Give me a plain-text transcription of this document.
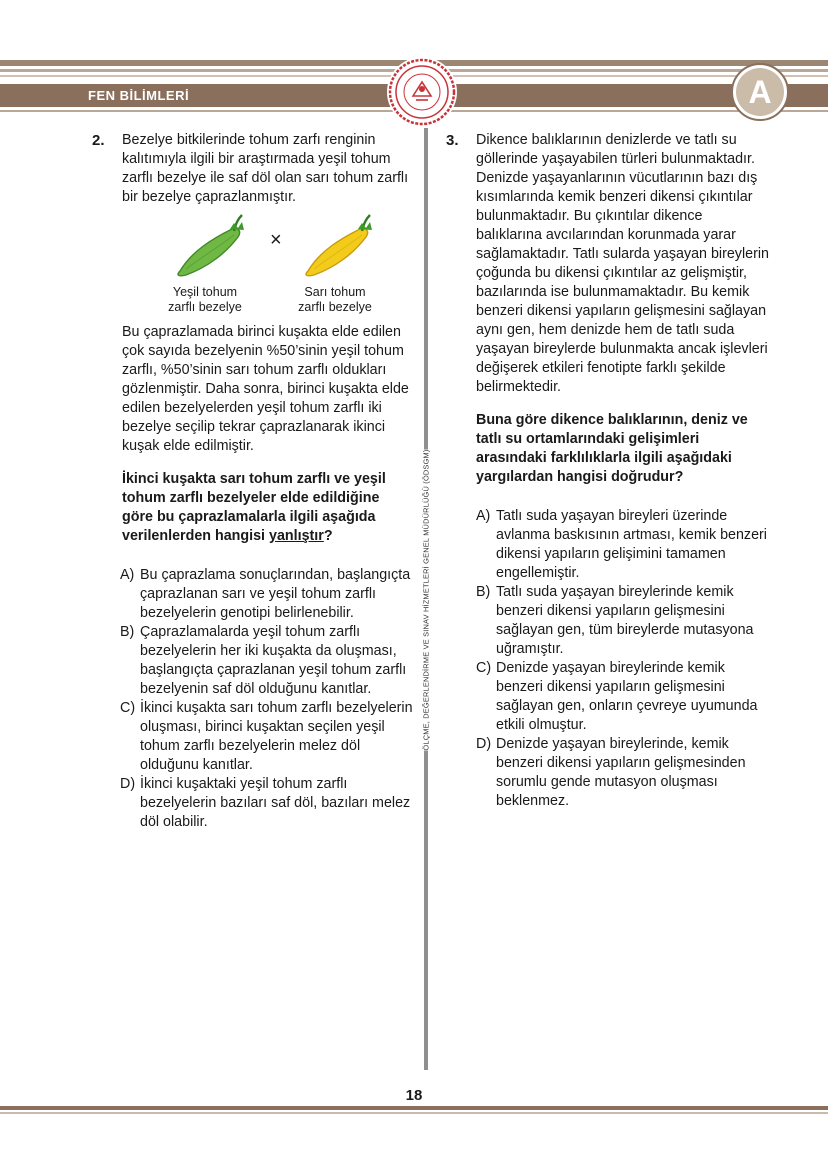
FEN BİLİMLERİ	A
2. Bezelye bitkilerinde tohum zarfı renginin kalıtımıyla ilgili bir araştırmada yeşil tohum zarflı bezelye ile saf döl olan sarı tohum zarflı bir bezelye çaprazlanmıştır.

×
Yeşil tohum
zarflı bezelye
Sarı tohum
zarflı bezelye

Bu çaprazlamada birinci kuşakta elde edilen çok sayıda bezelyenin %50’sinin yeşil tohum zarflı, %50’sinin sarı tohum zarflı oldukları gözlenmiştir. Daha sonra, birinci kuşakta elde edilen bezelyelerden yeşil tohum zarflı iki bezelye seçilip tekrar çaprazlanarak ikinci kuşak elde edilmiştir.

İkinci kuşakta sarı tohum zarflı ve yeşil tohum zarflı bezelyeler elde edildiğine göre bu çaprazlamalarla ilgili aşağıda verilenlerden hangisi yanlıştır?

A) Bu çaprazlama sonuçlarından, başlangıçta çaprazlanan sarı ve yeşil tohum zarflı bezelyelerin genotipi belirlenebilir.
B) Çaprazlamalarda yeşil tohum zarflı bezelyelerin her iki kuşakta da oluşması, başlangıçta çaprazlanan yeşil tohum zarflı bezelyenin saf döl olduğunu kanıtlar.
C) İkinci kuşakta sarı tohum zarflı bezelyelerin oluşması, birinci kuşaktan seçilen yeşil tohum zarflı bezelyelerin melez döl olduğunu kanıtlar.
D) İkinci kuşaktaki yeşil tohum zarflı bezelyelerin bazıları saf döl, bazıları melez döl olabilir.
ÖLÇME, DEĞERLENDİRME VE SINAV HİZMETLERİ GENEL MÜDÜRLÜĞÜ (ÖDSGM)
3. Dikence balıklarının denizlerde ve tatlı su göllerinde yaşayabilen türleri bulunmaktadır. Denizde yaşayanlarının vücutlarının bazı dış kısımlarında kemik benzeri dikensi çıkıntılar bulunmaktadır. Bu çıkıntılar dikence balıklarına avcılarından korunmada yarar sağlamaktadır. Tatlı sularda yaşayan bireylerin çoğunda bu dikensi çıkıntılar az gelişmiştir, bazılarında ise bulunmamaktadır. Bu kemik benzeri dikensi yapıların gelişmesini sağlayan aynı gen, hem denizde hem de tatlı suda yaşayan bireylerde bulunmakta ancak işlevleri değişerek etkileri fenotipte farklı şekilde belirmektedir.

Buna göre dikence balıklarının, deniz ve tatlı su ortamlarındaki gelişimleri arasındaki farklılıklarla ilgili aşağıdaki yargılardan hangisi doğrudur?

A) Tatlı suda yaşayan bireyleri üzerinde avlanma baskısının artması, kemik benzeri dikensi yapıların gelişimini tamamen engellemiştir.
B) Tatlı suda yaşayan bireylerinde kemik benzeri dikensi yapıların gelişmesini sağlayan gen, tüm bireylerde mutasyona uğramıştır.
C) Denizde yaşayan bireylerinde kemik benzeri dikensi yapıların gelişmesini sağlayan gen, onların çevreye uyumunda etkili olmuştur.
D) Denizde yaşayan bireylerinde, kemik benzeri dikensi yapıların gelişmesinden sorumlu gende mutasyon oluşması beklenmez.
18
